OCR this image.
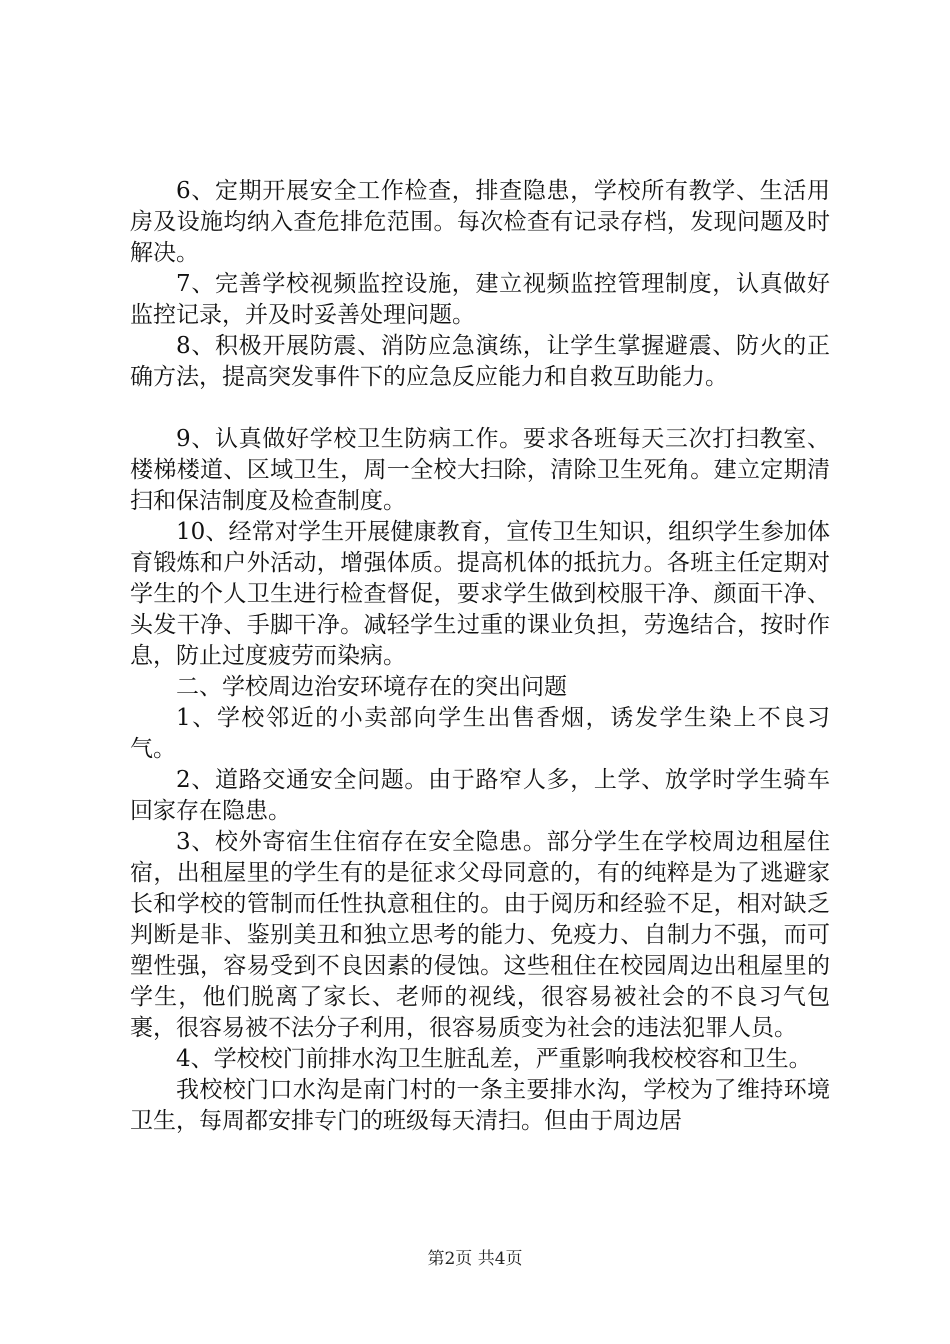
6、定期开展安全工作检查，排查隐患，学校所有教学、生活用房及设施均纳入查危排危范围。每次检查有记录存档，发现问题及时解决。

7、完善学校视频监控设施，建立视频监控管理制度，认真做好监控记录，并及时妥善处理问题。

8、积极开展防震、消防应急演练，让学生掌握避震、防火的正确方法，提高突发事件下的应急反应能力和自救互助能力。

9、认真做好学校卫生防病工作。要求各班每天三次打扫教室、楼梯楼道、区域卫生，周一全校大扫除，清除卫生死角。建立定期清扫和保洁制度及检查制度。

10、经常对学生开展健康教育，宣传卫生知识，组织学生参加体育锻炼和户外活动，增强体质。提高机体的抵抗力。各班主任定期对学生的个人卫生进行检查督促，要求学生做到校服干净、颜面干净、头发干净、手脚干净。减轻学生过重的课业负担，劳逸结合，按时作息，防止过度疲劳而染病。

二、学校周边治安环境存在的突出问题

1、学校邻近的小卖部向学生出售香烟，诱发学生染上不良习气。

2、道路交通安全问题。由于路窄人多，上学、放学时学生骑车回家存在隐患。

3、校外寄宿生住宿存在安全隐患。部分学生在学校周边租屋住宿，出租屋里的学生有的是征求父母同意的，有的纯粹是为了逃避家长和学校的管制而任性执意租住的。由于阅历和经验不足，相对缺乏判断是非、鉴别美丑和独立思考的能力、免疫力、自制力不强，而可塑性强，容易受到不良因素的侵蚀。这些租住在校园周边出租屋里的学生，他们脱离了家长、老师的视线，很容易被社会的不良习气包裹，很容易被不法分子利用，很容易质变为社会的违法犯罪人员。

4、学校校门前排水沟卫生脏乱差，严重影响我校校容和卫生。

我校校门口水沟是南门村的一条主要排水沟，学校为了维持环境卫生，每周都安排专门的班级每天清扫。但由于周边居

第2页 共4页
